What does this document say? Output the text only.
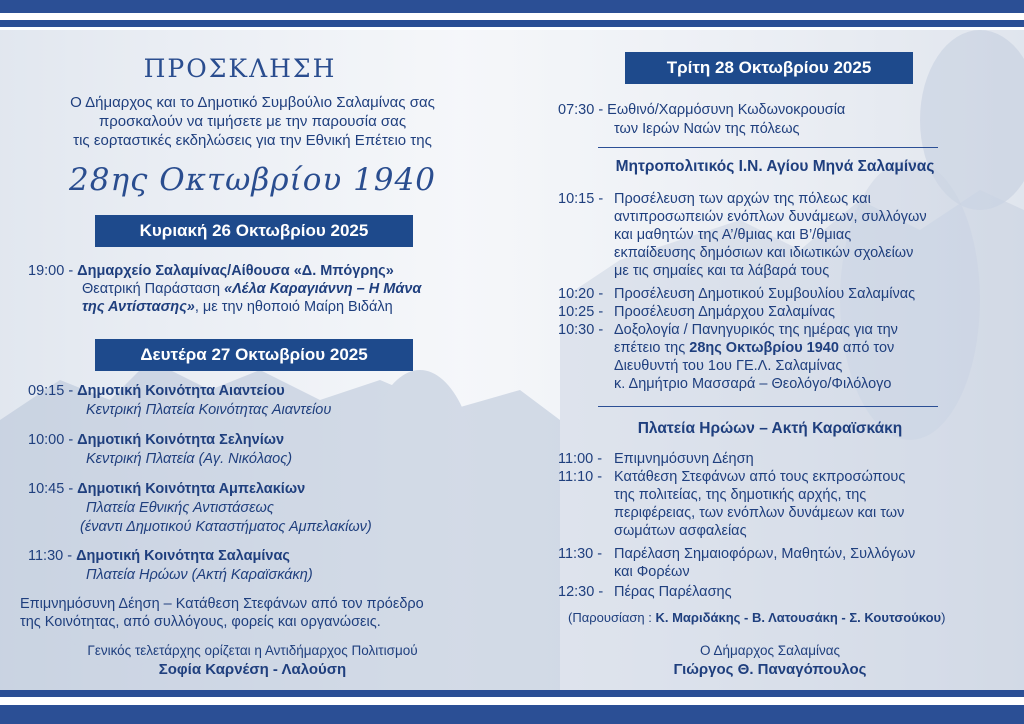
ΠΡΟΣΚΛΗΣΗ
Ο Δήμαρχος και το Δημοτικό Συμβούλιο Σαλαμίνας σας
προσκαλούν να τιμήσετε με την παρουσία σας
τις εορταστικές εκδηλώσεις για την Εθνική Επέτειο της
28ης Οκτωβρίου 1940
Κυριακή 26 Οκτωβρίου 2025
19:00 - Δημαρχείο Σαλαμίνας/Αίθουσα «Δ. Μπόγρης»
Θεατρική Παράσταση «Λέλα Καραγιάννη – Η Μάνα
της Αντίστασης», με την ηθοποιό Μαίρη Βιδάλη
Δευτέρα 27 Οκτωβρίου 2025
09:15 - Δημοτική Κοινότητα Αιαντείου
Κεντρική Πλατεία Κοινότητας Αιαντείου
10:00 - Δημοτική Κοινότητα Σεληνίων
Κεντρική Πλατεία (Αγ. Νικόλαος)
10:45 - Δημοτική Κοινότητα Αμπελακίων
Πλατεία Εθνικής Αντιστάσεως
(έναντι Δημοτικού Καταστήματος Αμπελακίων)
11:30 - Δημοτική Κοινότητα Σαλαμίνας
Πλατεία Ηρώων (Ακτή Καραϊσκάκη)
Επιμνημόσυνη Δέηση – Κατάθεση Στεφάνων από τον πρόεδρο
της Κοινότητας, από συλλόγους, φορείς και οργανώσεις.
Γενικός τελετάρχης ορίζεται η Αντιδήμαρχος Πολιτισμού
Σοφία Καρνέση - Λαλούση
Τρίτη 28 Οκτωβρίου 2025
07:30 - Εωθινό/Χαρμόσυνη Κωδωνοκρουσία
των Ιερών Ναών της πόλεως
Μητροπολιτικός Ι.Ν. Αγίου Μηνά Σαλαμίνας
10:15 - Προσέλευση των αρχών της πόλεως και
αντιπροσωπειών ενόπλων δυνάμεων, συλλόγων
και μαθητών της Α’/θμιας και Β’/θμιας
εκπαίδευσης δημόσιων και ιδιωτικών σχολείων
με τις σημαίες και τα λάβαρά τους
10:20 - Προσέλευση Δημοτικού Συμβουλίου Σαλαμίνας
10:25 - Προσέλευση Δημάρχου Σαλαμίνας
10:30 - Δοξολογία / Πανηγυρικός της ημέρας για την
επέτειο της 28ης Οκτωβρίου 1940 από τον
Διευθυντή του 1ου ΓΕ.Λ. Σαλαμίνας
κ. Δημήτριο Μασσαρά – Θεολόγο/Φιλόλογο
Πλατεία Ηρώων – Ακτή Καραϊσκάκη
11:00 - Επιμνημόσυνη Δέηση
11:10 - Κατάθεση Στεφάνων από τους εκπροσώπους
της πολιτείας, της δημοτικής αρχής, της
περιφέρειας, των ενόπλων δυνάμεων και των
σωμάτων ασφαλείας
11:30 - Παρέλαση Σημαιοφόρων, Μαθητών, Συλλόγων
και Φορέων
12:30 - Πέρας Παρέλασης
(Παρουσίαση : Κ. Μαριδάκης - Β. Λατουσάκη - Σ. Κουτσούκου)
Ο Δήμαρχος Σαλαμίνας
Γιώργος Θ. Παναγόπουλος
